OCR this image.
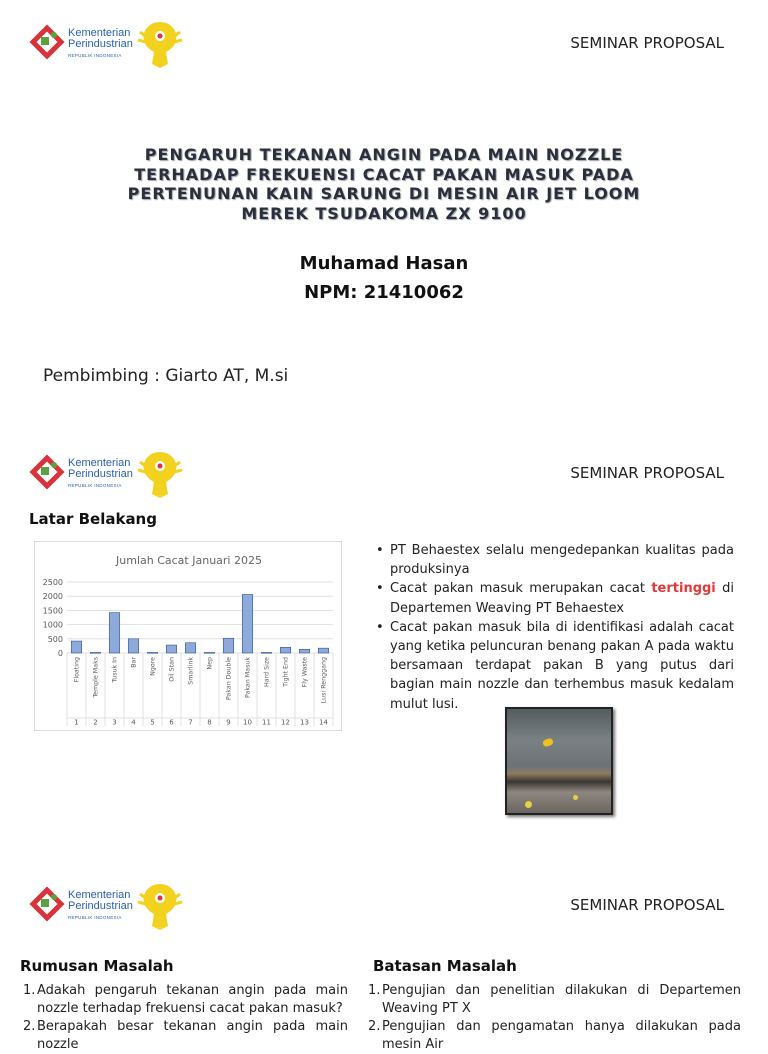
Kementerian
Perindustrian
REPUBLIK INDONESIA
SEMINAR PROPOSAL
PENGARUH TEKANAN ANGIN PADA MAIN NOZZLE TERHADAP FREKUENSI CACAT PAKAN MASUK PADA PERTENUNAN KAIN SARUNG DI MESIN AIR JET LOOM MEREK TSUDAKOMA ZX 9100
Muhamad Hasan
NPM: 21410062
Pembimbing : Giarto AT, M.si
Kementerian
Perindustrian
REPUBLIK INDONESIA
SEMINAR PROPOSAL
Latar Belakang
Jumlah Cacat Januari 2025
0
500
1000
1500
2000
2500
Floating
1
Temple Maks
2
Tusuk In
3
Bar
4
Ngore
5
Oil Stan
6
Smarlink
7
Nep
8
Pakan Double
9
Pakan Masuk
10
Hard Size
11
Tight End
12
Fly Waste
13
Lusi Renggang
14
• PT Behaestex selalu mengedepankan kualitas pada produksinya
• Cacat pakan masuk merupakan cacat tertinggi di Departemen Weaving PT Behaestex
• Cacat pakan masuk bila di identifikasi adalah cacat yang ketika peluncuran benang pakan A pada waktu bersamaan terdapat pakan B yang putus dari bagian main nozzle dan terhembus masuk kedalam mulut lusi.
Kementerian
Perindustrian
REPUBLIK INDONESIA
SEMINAR PROPOSAL
Rumusan Masalah	Batasan Masalah
1. Adakah pengaruh tekanan angin pada main nozzle terhadap frekuensi cacat pakan masuk?
2. Berapakah besar tekanan angin pada main nozzle
1. Pengujian dan penelitian dilakukan di Departemen Weaving PT X
2. Pengujian dan pengamatan hanya dilakukan pada mesin Air
